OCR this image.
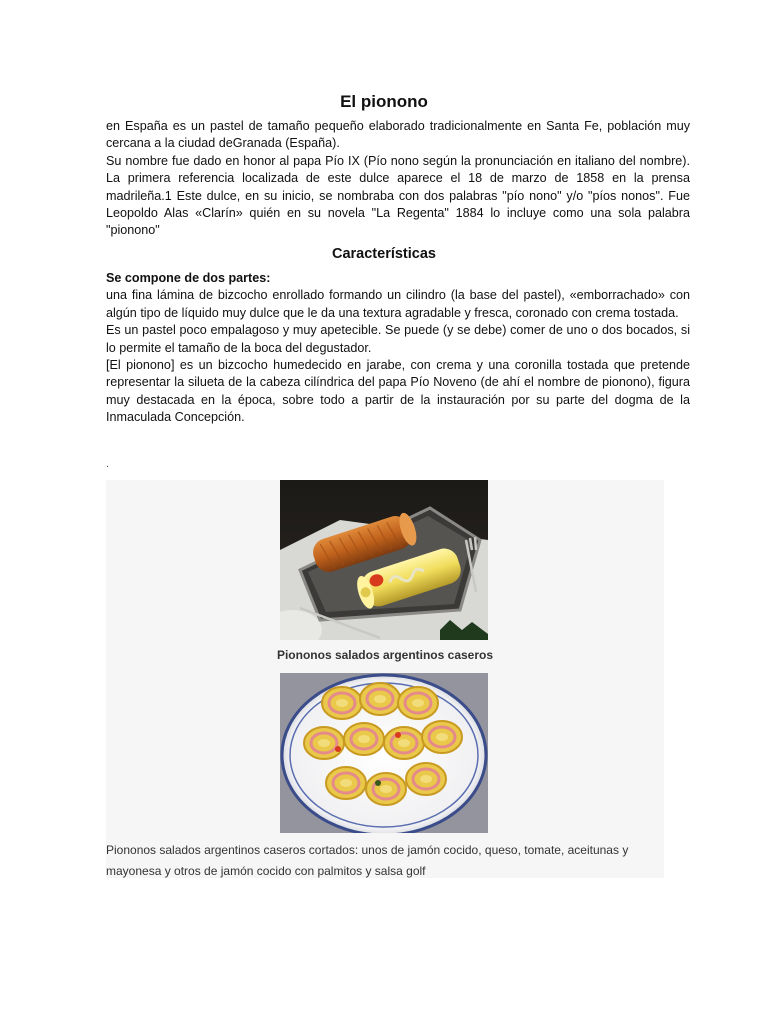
El pionono

en España es un pastel de tamaño pequeño elaborado tradicionalmente en Santa Fe, población muy cercana a la ciudad deGranada (España).

Su nombre fue dado en honor al papa Pío IX (Pío nono según la pronunciación en italiano del nombre). La primera referencia localizada de este dulce aparece el 18 de marzo de 1858 en la prensa madrileña.1 Este dulce, en su inicio, se nombraba con dos palabras "pío nono" y/o "píos nonos". Fue Leopoldo Alas «Clarín» quién en su novela "La Regenta" 1884 lo incluye como una sola palabra "pionono"

Características

Se compone de dos partes:

una fina lámina de bizcocho enrollado formando un cilindro (la base del pastel), «emborrachado» con algún tipo de líquido muy dulce que le da una textura agradable y fresca, coronado con crema tostada.

Es un pastel poco empalagoso y muy apetecible. Se puede (y se debe) comer de uno o dos bocados, si lo permite el tamaño de la boca del degustador.

[El pionono] es un bizcocho humedecido en jarabe, con crema y una coronilla tostada que pretende representar la silueta de la cabeza cilíndrica del papa Pío Noveno (de ahí el nombre de pionono), figura muy destacada en la época, sobre todo a partir de la instauración por su parte del dogma de la Inmaculada Concepción.

.
Piononos salados argentinos caseros
Piononos salados argentinos caseros cortados: unos de jamón cocido, queso, tomate, aceitunas y mayonesa y otros de jamón cocido con palmitos y salsa golf
